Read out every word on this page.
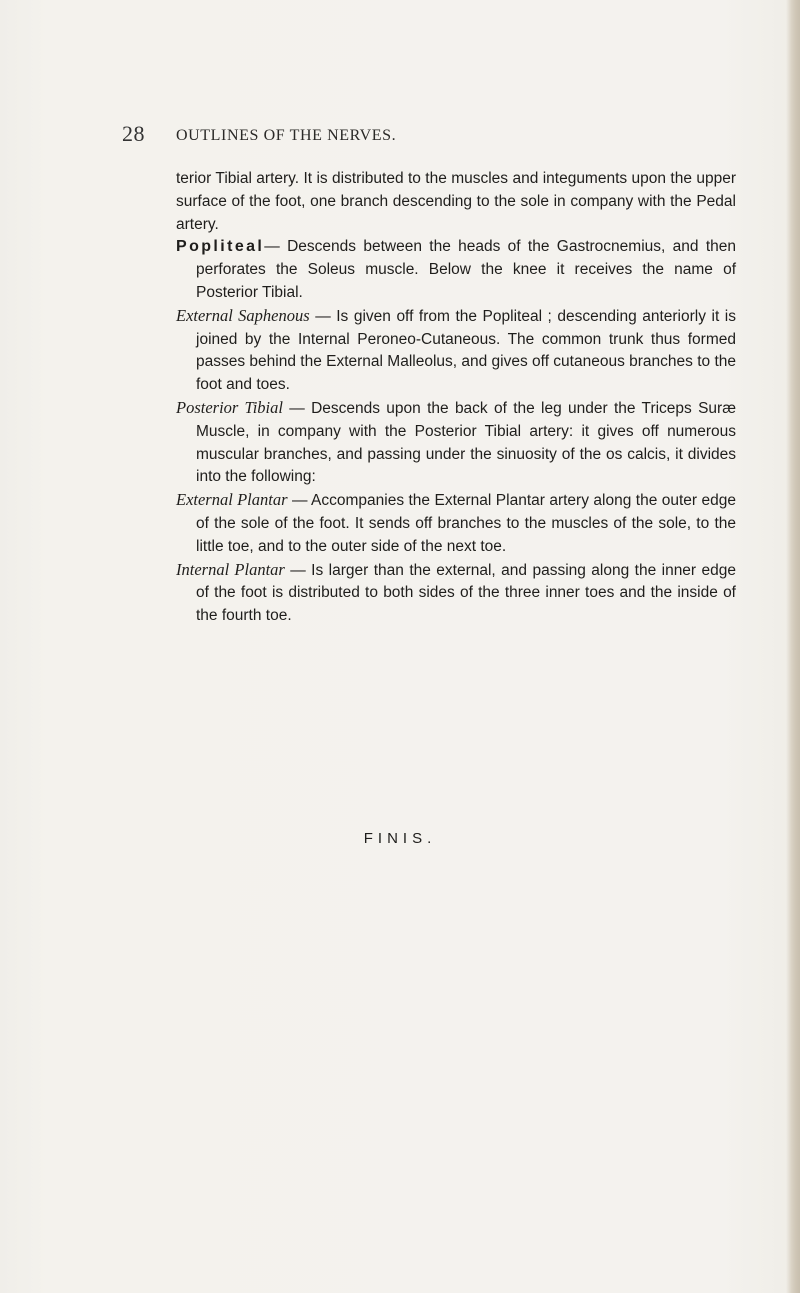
28 OUTLINES OF THE NERVES.

terior Tibial artery. It is distributed to the muscles and integuments upon the upper surface of the foot, one branch descending to the sole in company with the Pedal artery.

Popliteal— Descends between the heads of the Gastrocnemius, and then perforates the Soleus muscle. Below the knee it receives the name of Posterior Tibial.

External Saphenous — Is given off from the Popliteal ; descending anteriorly it is joined by the Internal Peroneo-Cutaneous. The common trunk thus formed passes behind the External Malleolus, and gives off cutaneous branches to the foot and toes.

Posterior Tibial — Descends upon the back of the leg under the Triceps Suræ Muscle, in company with the Posterior Tibial artery: it gives off numerous muscular branches, and passing under the sinuosity of the os calcis, it divides into the following:

External Plantar — Accompanies the External Plantar artery along the outer edge of the sole of the foot. It sends off branches to the muscles of the sole, to the little toe, and to the outer side of the next toe.

Internal Plantar — Is larger than the external, and passing along the inner edge of the foot is distributed to both sides of the three inner toes and the inside of the fourth toe.

FINIS.
